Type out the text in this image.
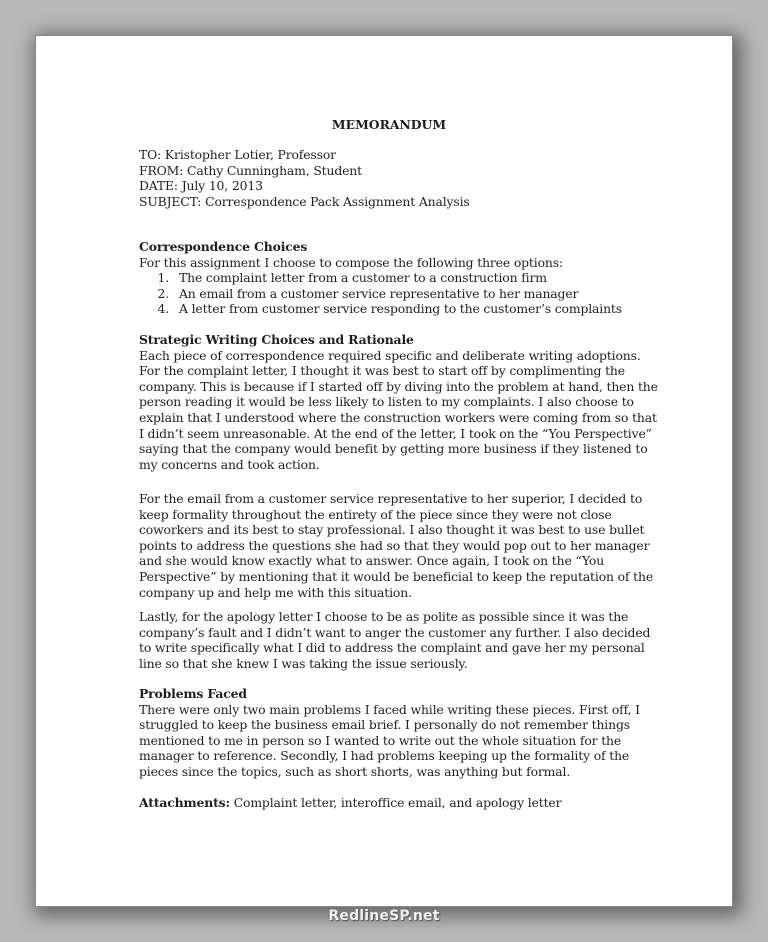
MEMORANDUM
TO: Kristopher Lotier, Professor
FROM: Cathy Cunningham, Student
DATE: July 10, 2013
SUBJECT: Correspondence Pack Assignment Analysis
Correspondence Choices
For this assignment I choose to compose the following three options:
1. The complaint letter from a customer to a construction firm
2. An email from a customer service representative to her manager
4. A letter from customer service responding to the customer’s complaints
Strategic Writing Choices and Rationale

Each piece of correspondence required specific and deliberate writing adoptions.
For the complaint letter, I thought it was best to start off by complimenting the
company. This is because if I started off by diving into the problem at hand, then the
person reading it would be less likely to listen to my complaints. I also choose to
explain that I understood where the construction workers were coming from so that
I didn’t seem unreasonable. At the end of the letter, I took on the “You Perspective”
saying that the company would benefit by getting more business if they listened to
my concerns and took action.

For the email from a customer service representative to her superior, I decided to
keep formality throughout the entirety of the piece since they were not close
coworkers and its best to stay professional. I also thought it was best to use bullet
points to address the questions she had so that they would pop out to her manager
and she would know exactly what to answer. Once again, I took on the “You
Perspective” by mentioning that it would be beneficial to keep the reputation of the
company up and help me with this situation.
Lastly, for the apology letter I choose to be as polite as possible since it was the
company’s fault and I didn’t want to anger the customer any further. I also decided
to write specifically what I did to address the complaint and gave her my personal
line so that she knew I was taking the issue seriously.
Problems Faced
There were only two main problems I faced while writing these pieces. First off, I
struggled to keep the business email brief. I personally do not remember things
mentioned to me in person so I wanted to write out the whole situation for the
manager to reference. Secondly, I had problems keeping up the formality of the
pieces since the topics, such as short shorts, was anything but formal.
Attachments: Complaint letter, interoffice email, and apology letter
RedlineSP.net
